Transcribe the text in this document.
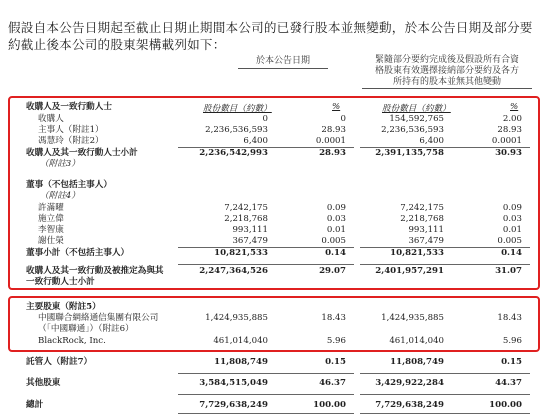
假設自本公告日期起至截止日期止期間本公司的已發行股本並無變動，於本公告日期及部分要約截止後本公司的股東架構載列如下：

於本公告日期	緊隨部分要約完成後及假設所有合資
格股東有效選擇接納部分要約及各方
所持有的股本並無其他變動
股份數目（約數）	%	股份數目（約數）	%
收購人及一致行動人士
收購人	0	0	154,592,765	2.00
主事人（附註1）	2,236,536,593	28.93	2,236,536,593	28.93
馮慧玲（附註2）	6,400	0.0001	6,400	0.0001
收購人及其一致行動人士小計	2,236,542,993	28.93	2,391,135,758	30.93
（附註3）
董事（不包括主事人）
（附註4）
許滿曜	7,242,175	0.09	7,242,175	0.09
施立偉	2,218,768	0.03	2,218,768	0.03
李智康	993,111	0.01	993,111	0.01
謝仕榮	367,479	0.005	367,479	0.005
董事小計（不包括主事人）	10,821,533	0.14	10,821,533	0.14
收購人及其一致行動及被推定為與其	2,247,364,526	29.07	2,401,957,291	31.07
一致行動人士小計
主要股東（附註5）
中國聯合網絡通信集團有限公司	1,424,935,885	18.43	1,424,935,885	18.43
（「中國聯通」）（附註6）
BlackRock, Inc.	461,014,040	5.96	461,014,040	5.96
託管人（附註7）	11,808,749	0.15	11,808,749	0.15
其他股東	3,584,515,049	46.37	3,429,922,284	44.37
總計	7,729,638,249	100.00	7,729,638,249	100.00
